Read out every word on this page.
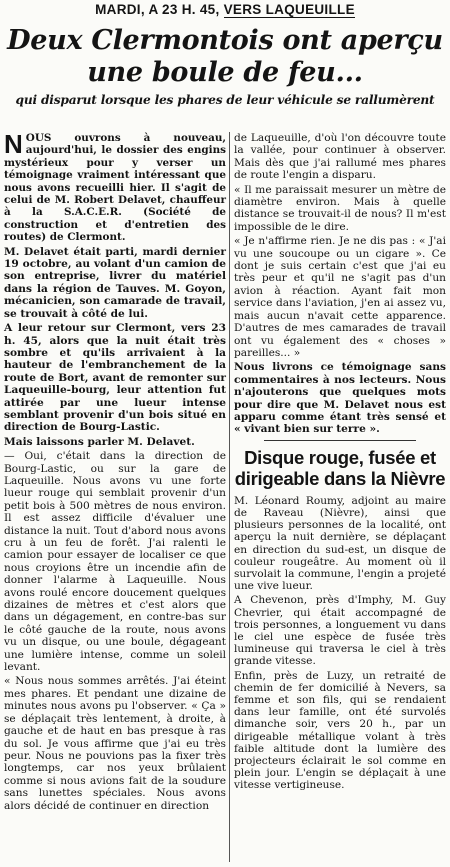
MARDI, A 23 H. 45, VERS LAQUEUILLE
Deux Clermontois ont aperçu une boule de feu...
qui disparut lorsque les phares de leur véhicule se rallumèrent

NOUS ouvrons à nouveau, aujourd'hui, le dossier des engins mystérieux pour y verser un témoignage vraiment intéressant que nous avons recueilli hier. Il s'agit de celui de M. Robert Delavet, chauffeur à la S.A.C.E.R. (Société de construction et d'entretien des routes) de Clermont.

M. Delavet était parti, mardi dernier 19 octobre, au volant d'un camion de son entreprise, livrer du matériel dans la région de Tauves. M. Goyon, mécanicien, son camarade de travail, se trouvait à côté de lui.

A leur retour sur Clermont, vers 23 h. 45, alors que la nuit était très sombre et qu'ils arrivaient à la hauteur de l'embranchement de la route de Bort, avant de remonter sur Laqueuille-bourg, leur attention fut attirée par une lueur intense semblant provenir d'un bois situé en direction de Bourg-Lastic.

Mais laissons parler M. Delavet.

— Oui, c'était dans la direction de Bourg-Lastic, ou sur la gare de Laqueuille. Nous avons vu une forte lueur rouge qui semblait provenir d'un petit bois à 500 mètres de nous environ. Il est assez difficile d'évaluer une distance la nuit. Tout d'abord nous avons cru à un feu de forêt. J'ai ralenti le camion pour essayer de localiser ce que nous croyions être un incendie afin de donner l'alarme à Laqueuille. Nous avons roulé encore doucement quelques dizaines de mètres et c'est alors que dans un dégagement, en contre-bas sur le côté gauche de la route, nous avons vu un disque, ou une boule, dégageant une lumière intense, comme un soleil levant.

« Nous nous sommes arrêtés. J'ai éteint mes phares. Et pendant une dizaine de minutes nous avons pu l'observer. « Ça » se déplaçait très lentement, à droite, à gauche et de haut en bas presque à ras du sol. Je vous affirme que j'ai eu très peur. Nous ne pouvions pas la fixer très longtemps, car nos yeux brûlaient comme si nous avions fait de la soudure sans lunettes spéciales. Nous avons alors décidé de continuer en direction

de Laqueuille, d'où l'on découvre toute la vallée, pour continuer à observer. Mais dès que j'ai rallumé mes phares de route l'engin a disparu.

« Il me paraissait mesurer un mètre de diamètre environ. Mais à quelle distance se trouvait-il de nous? Il m'est impossible de le dire.

« Je n'affirme rien. Je ne dis pas : « J'ai vu une soucoupe ou un cigare ». Ce dont je suis certain c'est que j'ai eu très peur et qu'il ne s'agit pas d'un avion à réaction. Ayant fait mon service dans l'aviation, j'en ai assez vu, mais aucun n'avait cette apparence. D'autres de mes camarades de travail ont vu également des « choses » pareilles... »

Nous livrons ce témoignage sans commentaires à nos lecteurs. Nous n'ajouterons que quelques mots pour dire que M. Delavet nous est apparu comme étant très sensé et « vivant bien sur terre ».

Disque rouge, fusée et dirigeable dans la Nièvre

M. Léonard Roumy, adjoint au maire de Raveau (Nièvre), ainsi que plusieurs personnes de la localité, ont aperçu la nuit dernière, se déplaçant en direction du sud-est, un disque de couleur rougeâtre. Au moment où il survolait la commune, l'engin a projeté une vive lueur.

A Chevenon, près d'Imphy, M. Guy Chevrier, qui était accompagné de trois personnes, a longuement vu dans le ciel une espèce de fusée très lumineuse qui traversa le ciel à très grande vitesse.

Enfin, près de Luzy, un retraité de chemin de fer domicilié à Nevers, sa femme et son fils, qui se rendaient dans leur famille, ont été survolés dimanche soir, vers 20 h., par un dirigeable métallique volant à très faible altitude dont la lumière des projecteurs éclairait le sol comme en plein jour. L'engin se déplaçait à une vitesse vertigineuse.
